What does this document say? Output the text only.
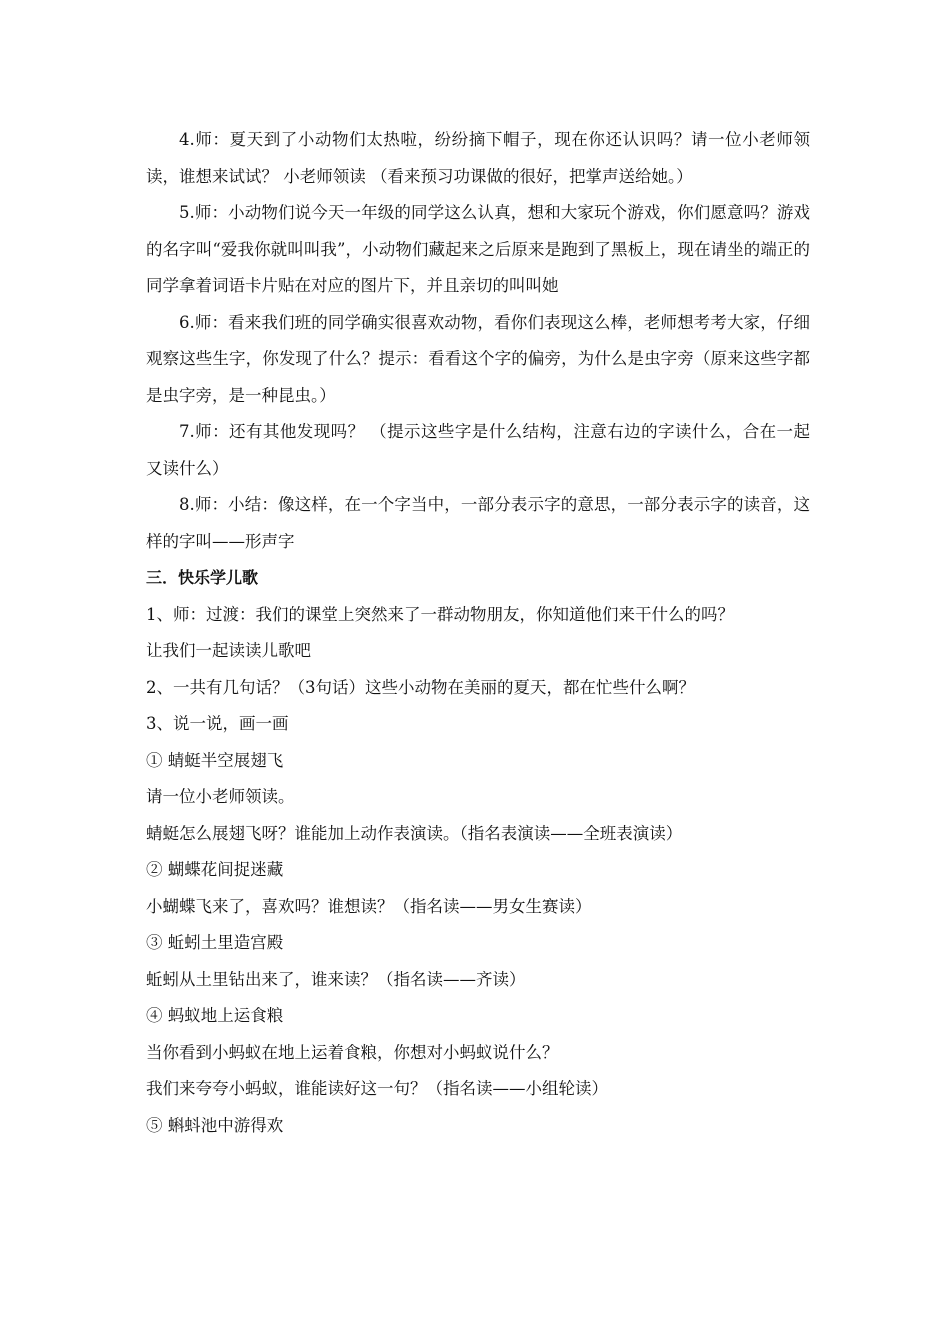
4.师：夏天到了小动物们太热啦，纷纷摘下帽子，现在你还认识吗？请一位小老师领读，谁想来试试？ 小老师领读 （看来预习功课做的很好，把掌声送给她。）

5.师：小动物们说今天一年级的同学这么认真，想和大家玩个游戏，你们愿意吗？游戏的名字叫“爱我你就叫叫我”，小动物们藏起来之后原来是跑到了黑板上，现在请坐的端正的同学拿着词语卡片贴在对应的图片下，并且亲切的叫叫她

6.师：看来我们班的同学确实很喜欢动物，看你们表现这么棒，老师想考考大家，仔细观察这些生字，你发现了什么？提示：看看这个字的偏旁，为什么是虫字旁（原来这些字都是虫字旁，是一种昆虫。）

7.师：还有其他发现吗？ （提示这些字是什么结构，注意右边的字读什么，合在一起又读什么）

8.师：小结：像这样，在一个字当中，一部分表示字的意思，一部分表示字的读音，这样的字叫——形声字

三．快乐学儿歌

1、师：过渡：我们的课堂上突然来了一群动物朋友，你知道他们来干什么的吗？

让我们一起读读儿歌吧

2、一共有几句话？（3句话）这些小动物在美丽的夏天，都在忙些什么啊？

3、说一说，画一画

① 蜻蜓半空展翅飞

请一位小老师领读。

蜻蜓怎么展翅飞呀？谁能加上动作表演读。（指名表演读——全班表演读）

② 蝴蝶花间捉迷藏

小蝴蝶飞来了，喜欢吗？谁想读？（指名读——男女生赛读）

③ 蚯蚓土里造宫殿

蚯蚓从土里钻出来了，谁来读？（指名读——齐读）

④ 蚂蚁地上运食粮

当你看到小蚂蚁在地上运着食粮，你想对小蚂蚁说什么？

我们来夸夸小蚂蚁，谁能读好这一句？（指名读——小组轮读）

⑤ 蝌蚪池中游得欢
